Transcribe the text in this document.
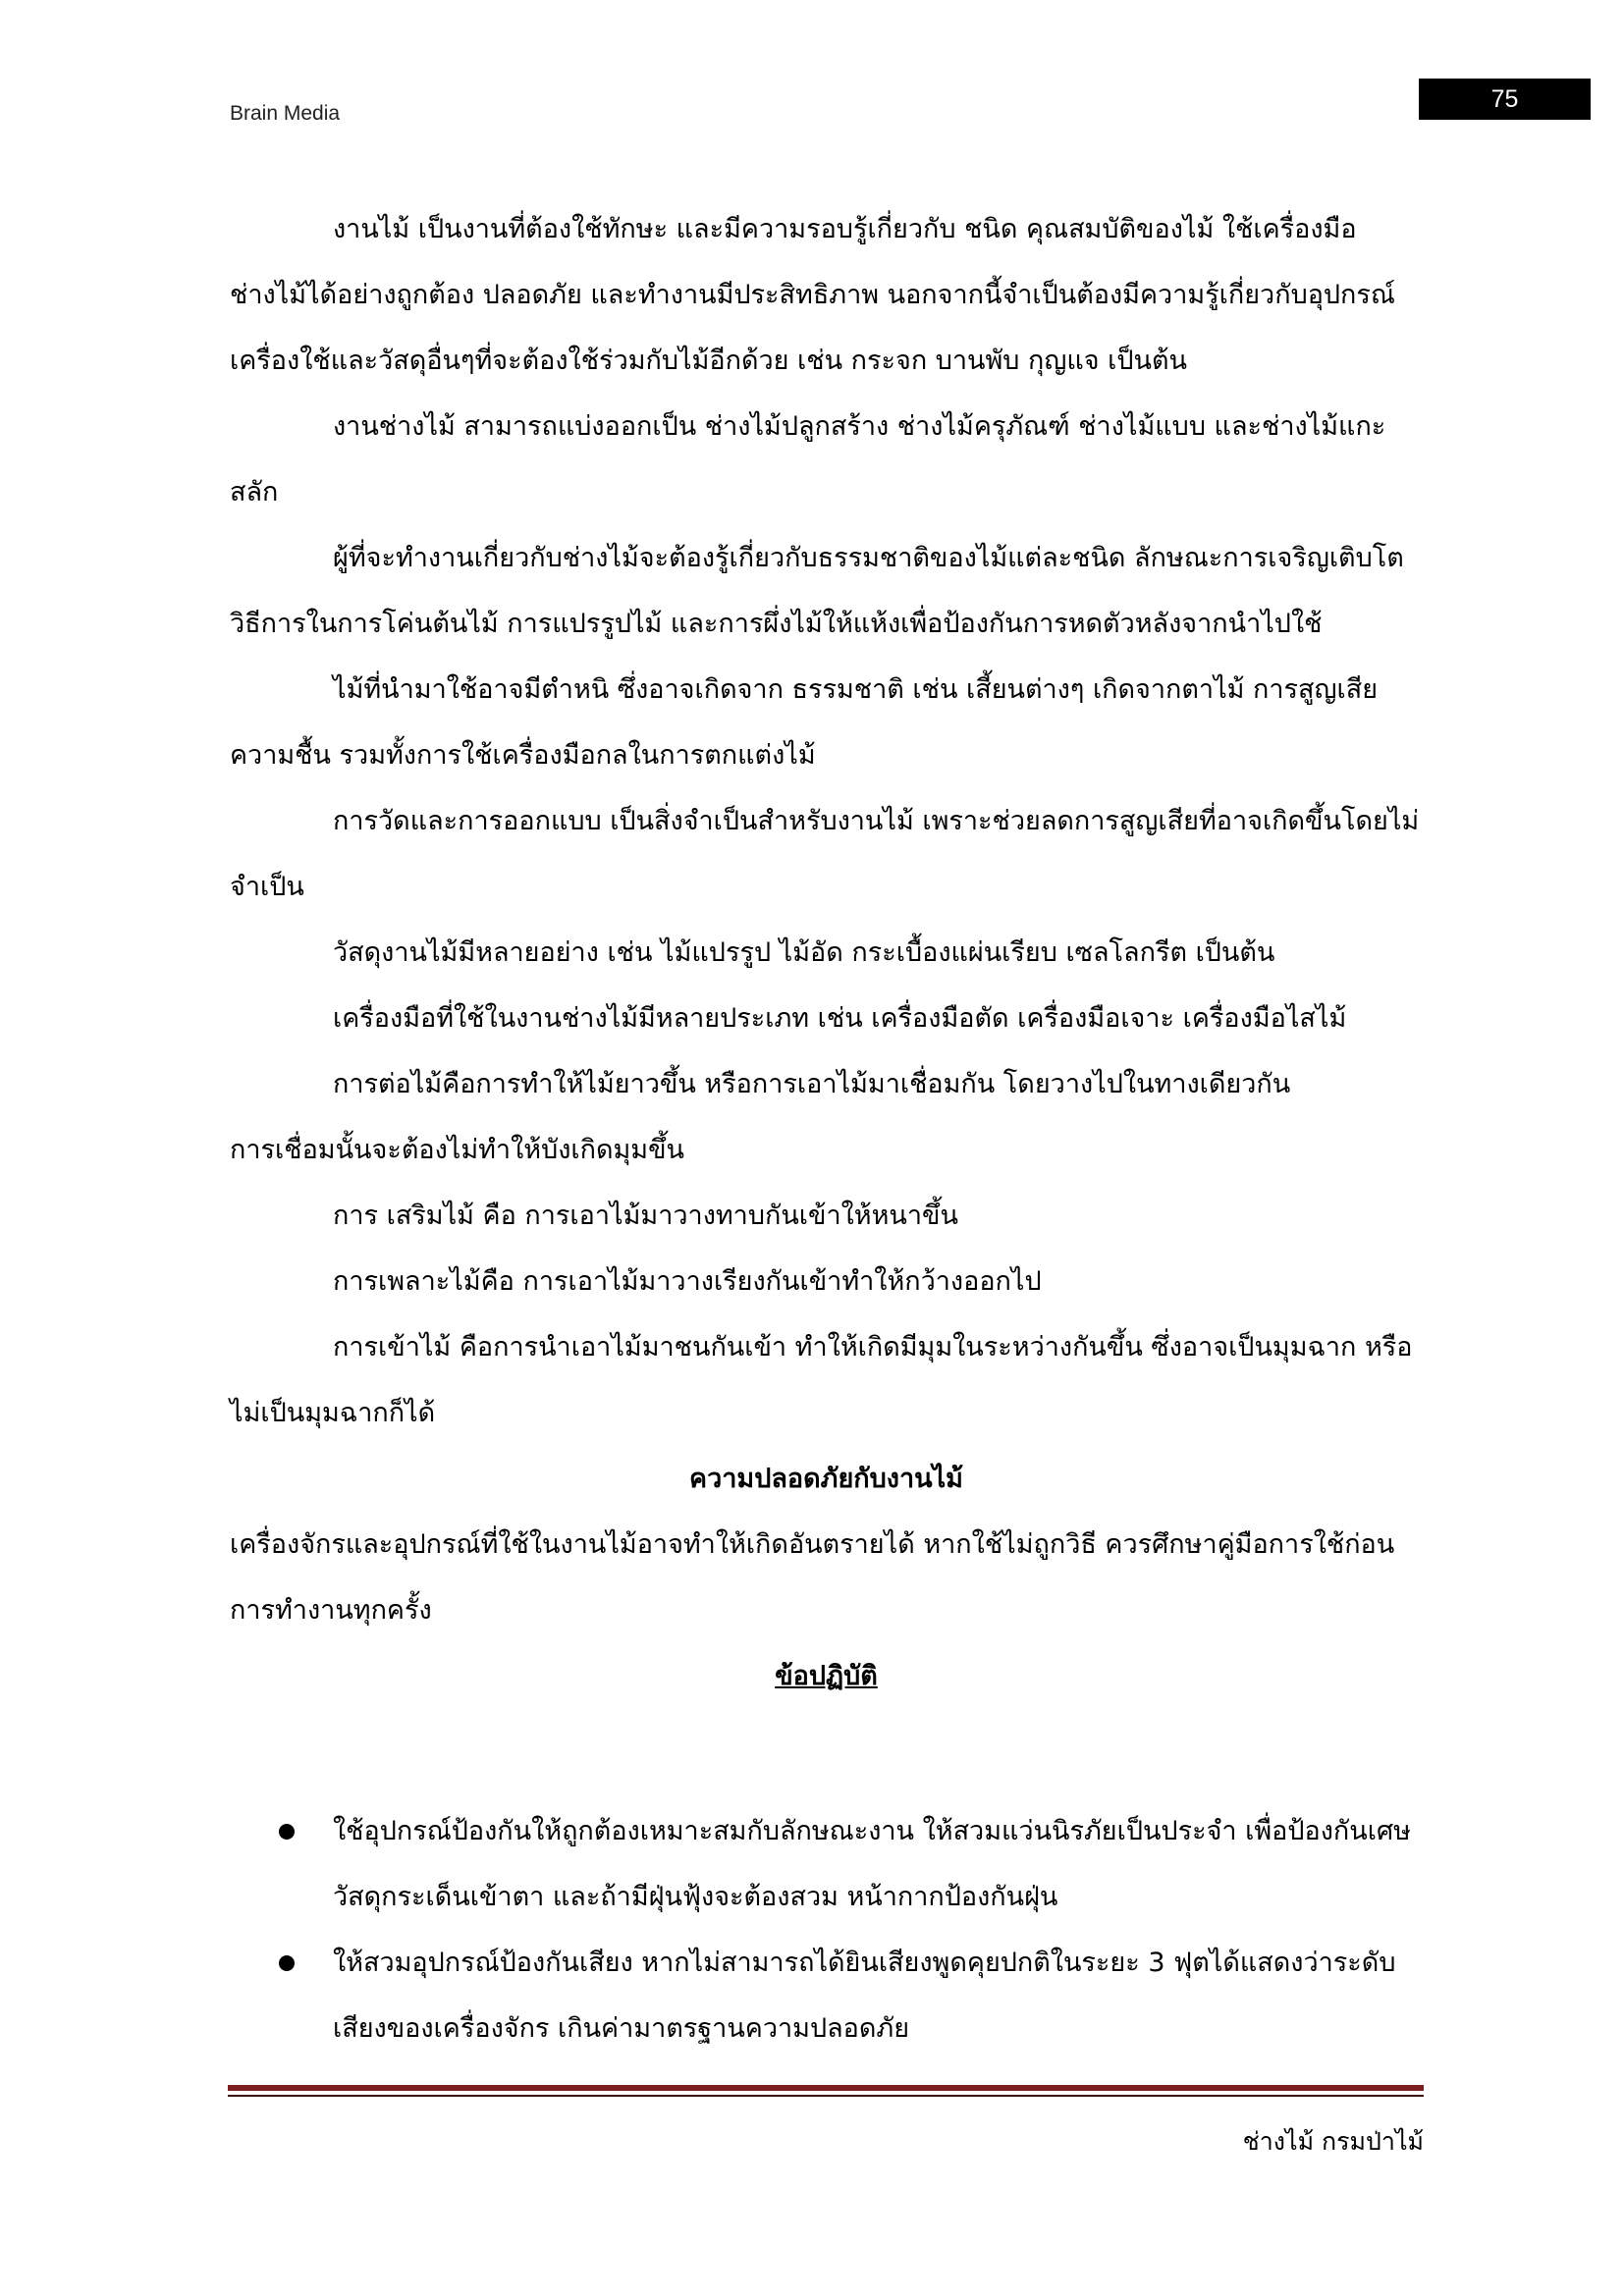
Brain Media
75

งานไม้ เป็นงานที่ต้องใช้ทักษะ และมีความรอบรู้เกี่ยวกับ ชนิด คุณสมบัติของไม้ ใช้เครื่องมือช่างไม้ได้อย่างถูกต้อง ปลอดภัย และทำงานมีประสิทธิภาพ นอกจากนี้จำเป็นต้องมีความรู้เกี่ยวกับอุปกรณ์เครื่องใช้และวัสดุอื่นๆที่จะต้องใช้ร่วมกับไม้อีกด้วย เช่น กระจก บานพับ กุญแจ เป็นต้น

งานช่างไม้ สามารถแบ่งออกเป็น ช่างไม้ปลูกสร้าง ช่างไม้ครุภัณฑ์ ช่างไม้แบบ และช่างไม้แกะสลัก

ผู้ที่จะทำงานเกี่ยวกับช่างไม้จะต้องรู้เกี่ยวกับธรรมชาติของไม้แต่ละชนิด ลักษณะการเจริญเติบโต วิธีการในการโค่นต้นไม้ การแปรรูปไม้ และการผึ่งไม้ให้แห้งเพื่อป้องกันการหดตัวหลังจากนำไปใช้

ไม้ที่นำมาใช้อาจมีตำหนิ ซึ่งอาจเกิดจาก ธรรมชาติ เช่น เสี้ยนต่างๆ เกิดจากตาไม้ การสูญเสียความชื้น รวมทั้งการใช้เครื่องมือกลในการตกแต่งไม้

การวัดและการออกแบบ เป็นสิ่งจำเป็นสำหรับงานไม้ เพราะช่วยลดการสูญเสียที่อาจเกิดขึ้นโดยไม่จำเป็น

วัสดุงานไม้มีหลายอย่าง เช่น ไม้แปรรูป ไม้อัด กระเบื้องแผ่นเรียบ เซลโลกรีต เป็นต้น

เครื่องมือที่ใช้ในงานช่างไม้มีหลายประเภท เช่น เครื่องมือตัด เครื่องมือเจาะ เครื่องมือไสไม้

การต่อไม้คือการทำให้ไม้ยาวขึ้น หรือการเอาไม้มาเชื่อมกัน โดยวางไปในทางเดียวกัน

การเชื่อมนั้นจะต้องไม่ทำให้บังเกิดมุมขึ้น

การ เสริมไม้ คือ การเอาไม้มาวางทาบกันเข้าให้หนาขึ้น

การเพลาะไม้คือ การเอาไม้มาวางเรียงกันเข้าทำให้กว้างออกไป

การเข้าไม้ คือการนำเอาไม้มาชนกันเข้า ทำให้เกิดมีมุมในระหว่างกันขึ้น ซึ่งอาจเป็นมุมฉาก หรือไม่เป็นมุมฉากก็ได้

ความปลอดภัยกับงานไม้

เครื่องจักรและอุปกรณ์ที่ใช้ในงานไม้อาจทำให้เกิดอันตรายได้ หากใช้ไม่ถูกวิธี ควรศึกษาคู่มือการใช้ก่อนการทำงานทุกครั้ง

ข้อปฏิบัติ

ใช้อุปกรณ์ป้องกันให้ถูกต้องเหมาะสมกับลักษณะงาน ให้สวมแว่นนิรภัยเป็นประจำ เพื่อป้องกันเศษวัสดุกระเด็นเข้าตา และถ้ามีฝุ่นฟุ้งจะต้องสวม หน้ากากป้องกันฝุ่น
ให้สวมอุปกรณ์ป้องกันเสียง หากไม่สามารถได้ยินเสียงพูดคุยปกติในระยะ 3 ฟุตได้แสดงว่าระดับเสียงของเครื่องจักร เกินค่ามาตรฐานความปลอดภัย
ช่างไม้ กรมป่าไม้
